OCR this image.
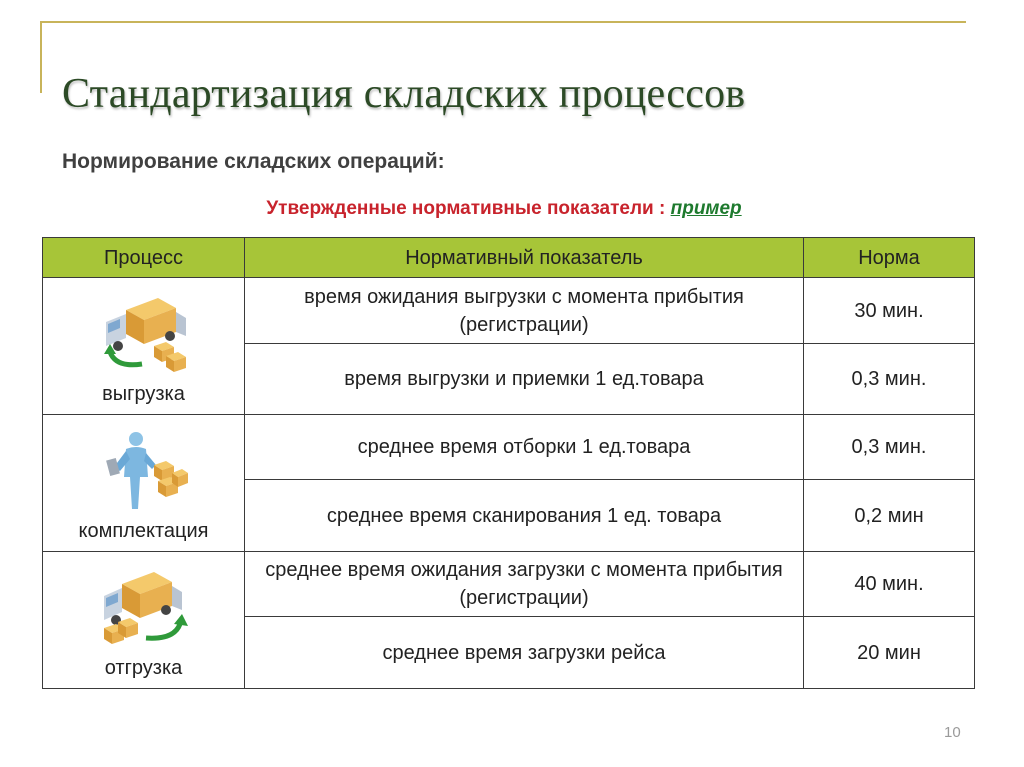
Стандартизация складских процессов
Нормирование складских операций:
Утвержденные нормативные показатели : пример
Процесс	Нормативный показатель	Норма

выгрузка	время ожидания выгрузки с момента прибытия (регистрации)	30 мин.
	время выгрузки и приемки 1 ед.товара	0,3 мин.

комплектация	среднее время отборки 1 ед.товара	0,3 мин.
	среднее время сканирования 1 ед. товара	0,2 мин

отгрузка	среднее время ожидания загрузки с момента прибытия (регистрации)	40 мин.
	среднее время загрузки рейса	20 мин
10
